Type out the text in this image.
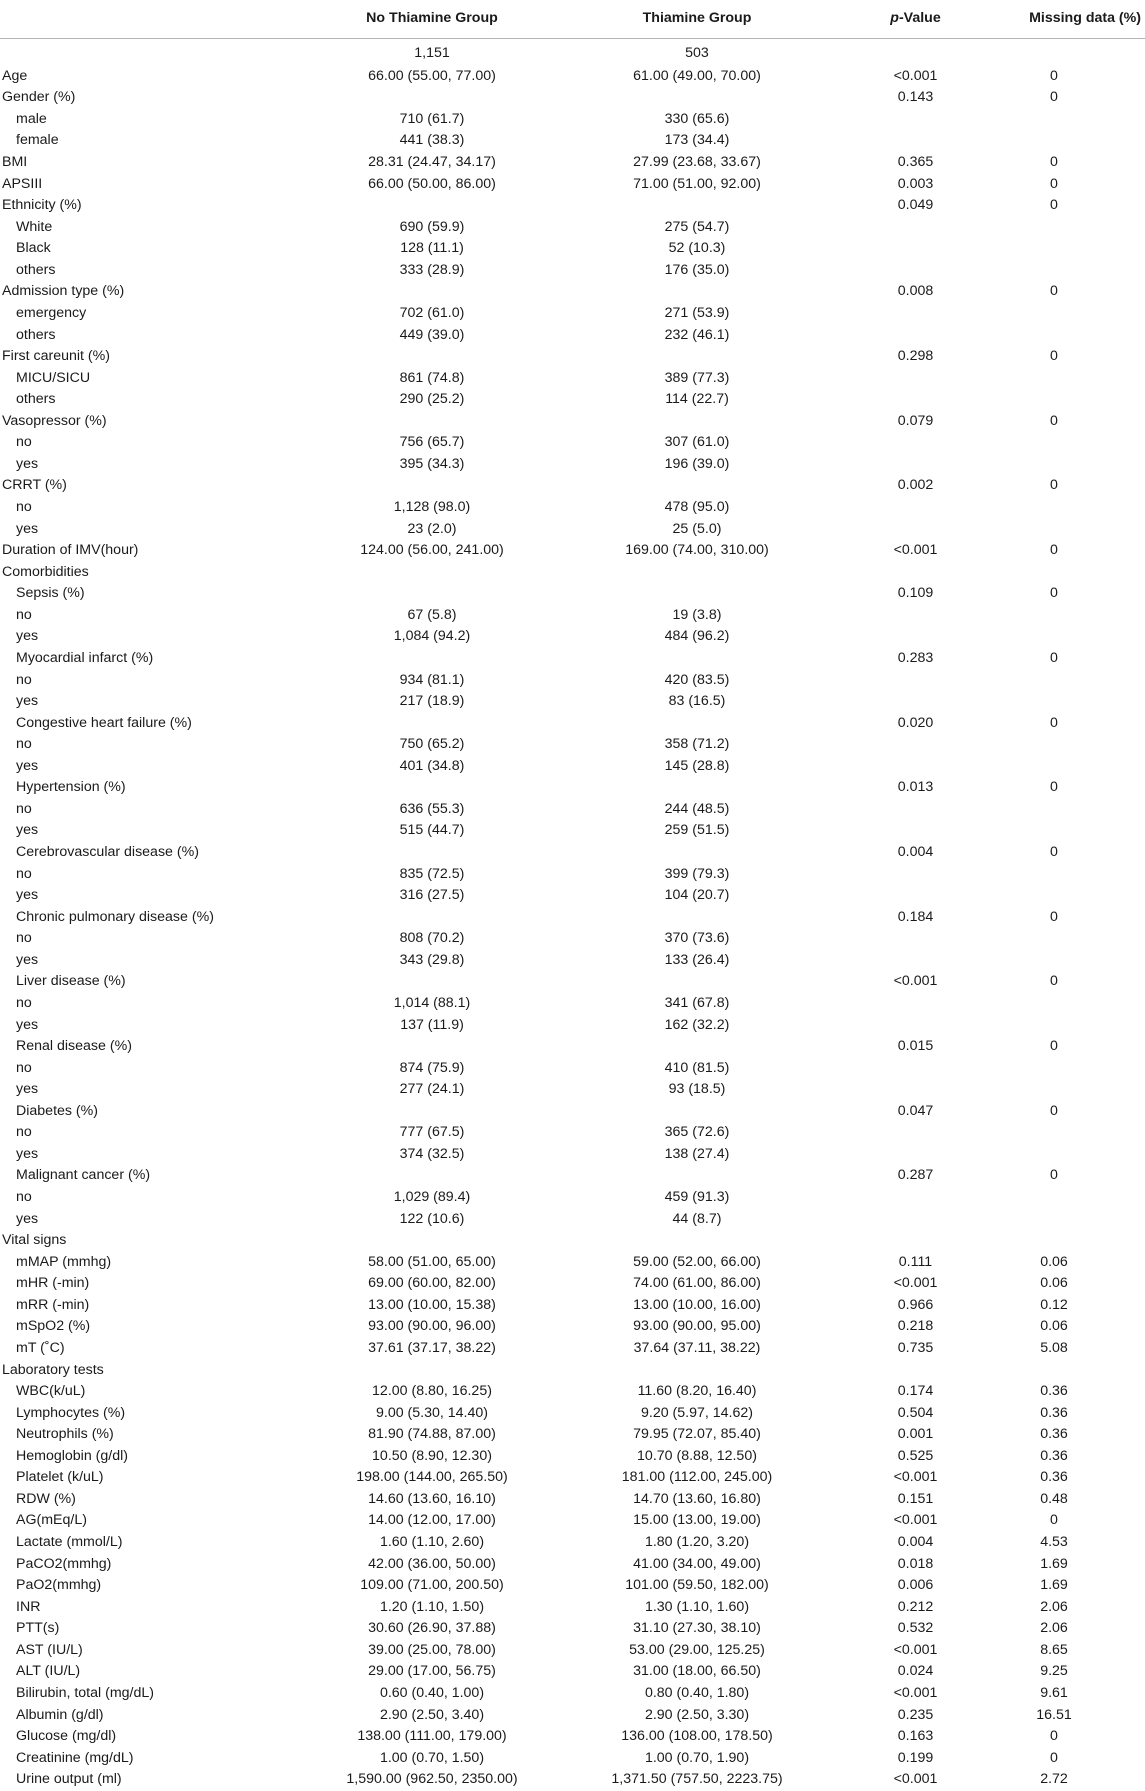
	No Thiamine Group	Thiamine Group	p-Value	Missing data (%)
	1,151	503		
Age	66.00 (55.00, 77.00)	61.00 (49.00, 70.00)	<0.001	0
Gender (%)			0.143	0
male	710 (61.7)	330 (65.6)		
female	441 (38.3)	173 (34.4)		
BMI	28.31 (24.47, 34.17)	27.99 (23.68, 33.67)	0.365	0
APSIII	66.00 (50.00, 86.00)	71.00 (51.00, 92.00)	0.003	0
Ethnicity (%)			0.049	0
White	690 (59.9)	275 (54.7)		
Black	128 (11.1)	52 (10.3)		
others	333 (28.9)	176 (35.0)		
Admission type (%)			0.008	0
emergency	702 (61.0)	271 (53.9)		
others	449 (39.0)	232 (46.1)		
First careunit (%)			0.298	0
MICU/SICU	861 (74.8)	389 (77.3)		
others	290 (25.2)	114 (22.7)		
Vasopressor (%)			0.079	0
no	756 (65.7)	307 (61.0)		
yes	395 (34.3)	196 (39.0)		
CRRT (%)			0.002	0
no	1,128 (98.0)	478 (95.0)		
yes	23 (2.0)	25 (5.0)		
Duration of IMV(hour)	124.00 (56.00, 241.00)	169.00 (74.00, 310.00)	<0.001	0
Comorbidities				
Sepsis (%)			0.109	0
no	67 (5.8)	19 (3.8)		
yes	1,084 (94.2)	484 (96.2)		
Myocardial infarct (%)			0.283	0
no	934 (81.1)	420 (83.5)		
yes	217 (18.9)	83 (16.5)		
Congestive heart failure (%)			0.020	0
no	750 (65.2)	358 (71.2)		
yes	401 (34.8)	145 (28.8)		
Hypertension (%)			0.013	0
no	636 (55.3)	244 (48.5)		
yes	515 (44.7)	259 (51.5)		
Cerebrovascular disease (%)			0.004	0
no	835 (72.5)	399 (79.3)		
yes	316 (27.5)	104 (20.7)		
Chronic pulmonary disease (%)			0.184	0
no	808 (70.2)	370 (73.6)		
yes	343 (29.8)	133 (26.4)		
Liver disease (%)			<0.001	0
no	1,014 (88.1)	341 (67.8)		
yes	137 (11.9)	162 (32.2)		
Renal disease (%)			0.015	0
no	874 (75.9)	410 (81.5)		
yes	277 (24.1)	93 (18.5)		
Diabetes (%)			0.047	0
no	777 (67.5)	365 (72.6)		
yes	374 (32.5)	138 (27.4)		
Malignant cancer (%)			0.287	0
no	1,029 (89.4)	459 (91.3)		
yes	122 (10.6)	44 (8.7)		
Vital signs				
mMAP (mmhg)	58.00 (51.00, 65.00)	59.00 (52.00, 66.00)	0.111	0.06
mHR (-min)	69.00 (60.00, 82.00)	74.00 (61.00, 86.00)	<0.001	0.06
mRR (-min)	13.00 (10.00, 15.38)	13.00 (10.00, 16.00)	0.966	0.12
mSpO2 (%)	93.00 (90.00, 96.00)	93.00 (90.00, 95.00)	0.218	0.06
mT (˚C)	37.61 (37.17, 38.22)	37.64 (37.11, 38.22)	0.735	5.08
Laboratory tests				
WBC(k/uL)	12.00 (8.80, 16.25)	11.60 (8.20, 16.40)	0.174	0.36
Lymphocytes (%)	9.00 (5.30, 14.40)	9.20 (5.97, 14.62)	0.504	0.36
Neutrophils (%)	81.90 (74.88, 87.00)	79.95 (72.07, 85.40)	0.001	0.36
Hemoglobin (g/dl)	10.50 (8.90, 12.30)	10.70 (8.88, 12.50)	0.525	0.36
Platelet (k/uL)	198.00 (144.00, 265.50)	181.00 (112.00, 245.00)	<0.001	0.36
RDW (%)	14.60 (13.60, 16.10)	14.70 (13.60, 16.80)	0.151	0.48
AG(mEq/L)	14.00 (12.00, 17.00)	15.00 (13.00, 19.00)	<0.001	0
Lactate (mmol/L)	1.60 (1.10, 2.60)	1.80 (1.20, 3.20)	0.004	4.53
PaCO2(mmhg)	42.00 (36.00, 50.00)	41.00 (34.00, 49.00)	0.018	1.69
PaO2(mmhg)	109.00 (71.00, 200.50)	101.00 (59.50, 182.00)	0.006	1.69
INR	1.20 (1.10, 1.50)	1.30 (1.10, 1.60)	0.212	2.06
PTT(s)	30.60 (26.90, 37.88)	31.10 (27.30, 38.10)	0.532	2.06
AST (IU/L)	39.00 (25.00, 78.00)	53.00 (29.00, 125.25)	<0.001	8.65
ALT (IU/L)	29.00 (17.00, 56.75)	31.00 (18.00, 66.50)	0.024	9.25
Bilirubin, total (mg/dL)	0.60 (0.40, 1.00)	0.80 (0.40, 1.80)	<0.001	9.61
Albumin (g/dl)	2.90 (2.50, 3.40)	2.90 (2.50, 3.30)	0.235	16.51
Glucose (mg/dl)	138.00 (111.00, 179.00)	136.00 (108.00, 178.50)	0.163	0
Creatinine (mg/dL)	1.00 (0.70, 1.50)	1.00 (0.70, 1.90)	0.199	0
Urine output (ml)	1,590.00 (962.50, 2350.00)	1,371.50 (757.50, 2223.75)	<0.001	2.72
